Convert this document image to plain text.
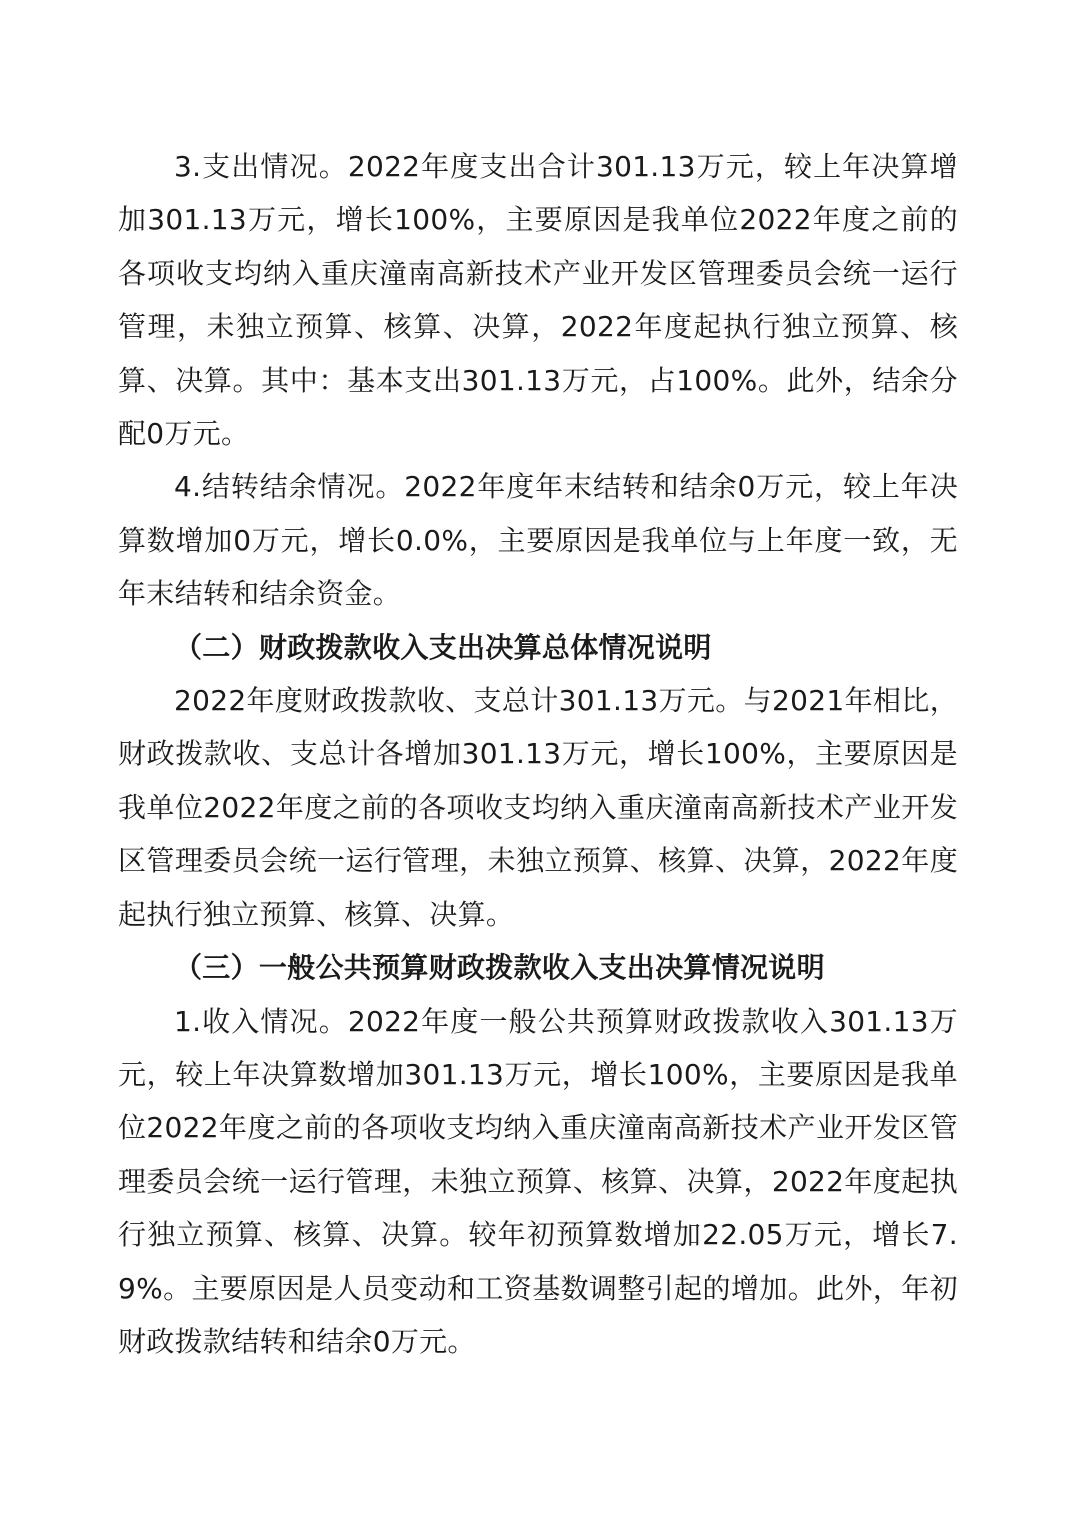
3.支出情况。2022年度支出合计301.13万元，较上年决算增加301.13万元，增长100%，主要原因是我单位2022年度之前的各项收支均纳入重庆潼南高新技术产业开发区管理委员会统一运行管理，未独立预算、核算、决算，2022年度起执行独立预算、核算、决算。其中：基本支出301.13万元，占100%。此外，结余分配0万元。

4.结转结余情况。2022年度年末结转和结余0万元，较上年决算数增加0万元，增长0.0%，主要原因是我单位与上年度一致，无年末结转和结余资金。

（二）财政拨款收入支出决算总体情况说明

2022年度财政拨款收、支总计301.13万元。与2021年相比，财政拨款收、支总计各增加301.13万元，增长100%，主要原因是我单位2022年度之前的各项收支均纳入重庆潼南高新技术产业开发区管理委员会统一运行管理，未独立预算、核算、决算，2022年度起执行独立预算、核算、决算。

（三）一般公共预算财政拨款收入支出决算情况说明

1.收入情况。2022年度一般公共预算财政拨款收入301.13万元，较上年决算数增加301.13万元，增长100%，主要原因是我单位2022年度之前的各项收支均纳入重庆潼南高新技术产业开发区管理委员会统一运行管理，未独立预算、核算、决算，2022年度起执行独立预算、核算、决算。较年初预算数增加22.05万元，增长7.9%。主要原因是人员变动和工资基数调整引起的增加。此外，年初财政拨款结转和结余0万元。
